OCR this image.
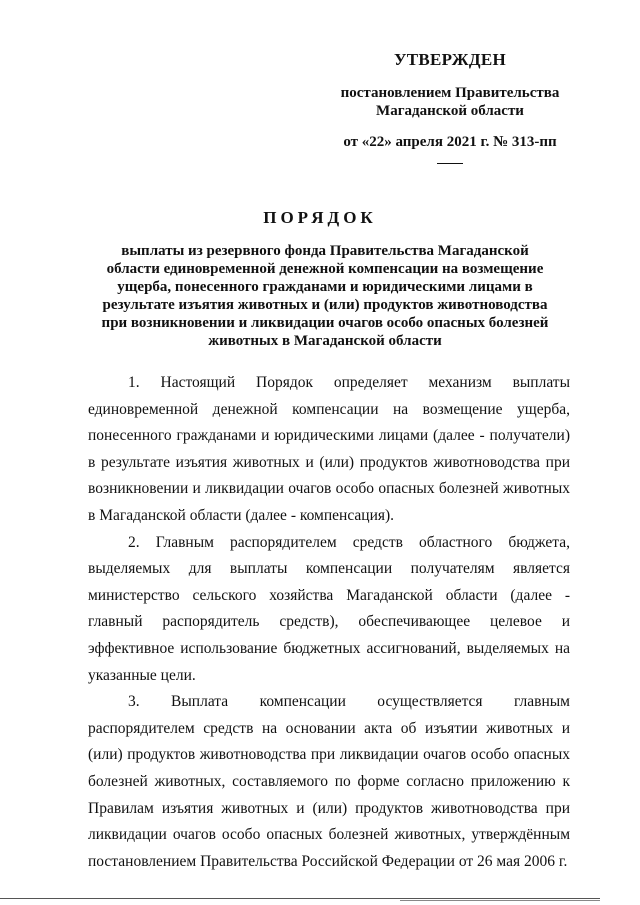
УТВЕРЖДЕН
постановлением Правительства
Магаданской области
от «22» апреля 2021 г. № 313-пп
ПОРЯДОК
выплаты из резервного фонда Правительства Магаданской области единовременной денежной компенсации на возмещение ущерба, понесенного гражданами и юридическими лицами в результате изъятия животных и (или) продуктов животноводства при возникновении и ликвидации очагов особо опасных болезней животных в Магаданской области

1. Настоящий Порядок определяет механизм выплаты единовременной денежной компенсации на возмещение ущерба, понесенного гражданами и юридическими лицами (далее - получатели) в результате изъятия животных и (или) продуктов животноводства при возникновении и ликвидации очагов особо опасных болезней животных в Магаданской области (далее - компенсация).

2. Главным распорядителем средств областного бюджета, выделяемых для выплаты компенсации получателям является министерство сельского хозяйства Магаданской области (далее - главный распорядитель средств), обеспечивающее целевое и эффективное использование бюджетных ассигнований, выделяемых на указанные цели.

3. Выплата компенсации осуществляется главным распорядителем средств на основании акта об изъятии животных и (или) продуктов животноводства при ликвидации очагов особо опасных болезней животных, составляемого по форме согласно приложению к Правилам изъятия животных и (или) продуктов животноводства при ликвидации очагов особо опасных болезней животных, утверждённым постановлением Правительства Российской Федерации от 26 мая 2006 г.
